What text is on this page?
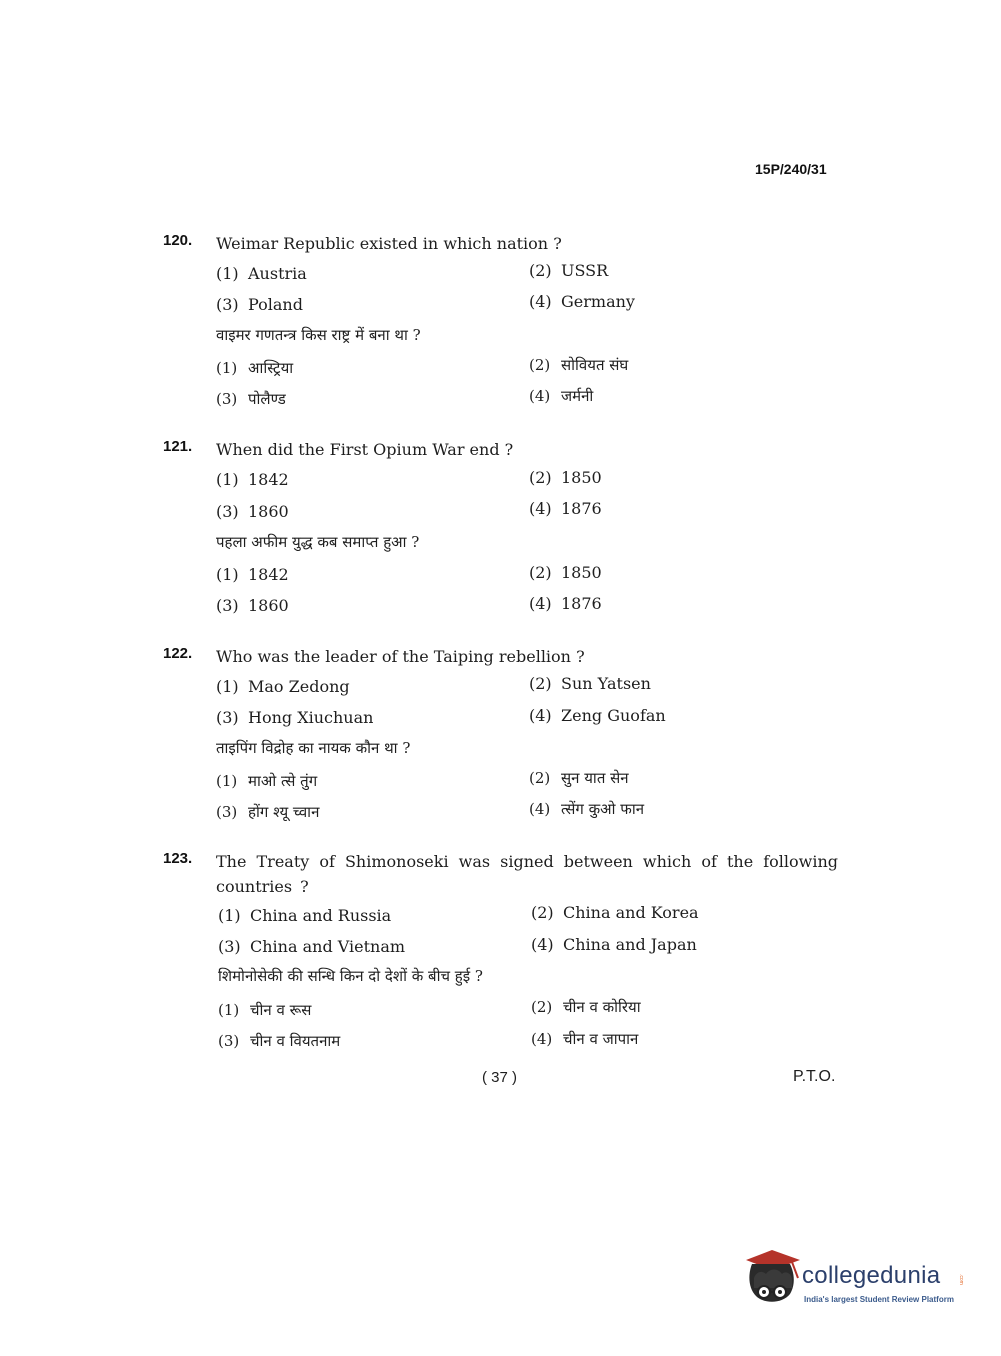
15P/240/31
120. Weimar Republic existed in which nation ?
(1) Austria	(2) USSR
(3) Poland	(4) Germany
वाइमर गणतन्त्र किस राष्ट्र में बना था ?
(1) आस्ट्रिया	(2) सोवियत संघ
(3) पोलैण्ड	(4) जर्मनी
121. When did the First Opium War end ?
(1) 1842	(2) 1850
(3) 1860	(4) 1876
पहला अफीम युद्ध कब समाप्त हुआ ?
(1) 1842	(2) 1850
(3) 1860	(4) 1876
122. Who was the leader of the Taiping rebellion ?
(1) Mao Zedong	(2) Sun Yatsen
(3) Hong Xiuchuan	(4) Zeng Guofan
ताइपिंग विद्रोह का नायक कौन था ?
(1) माओ त्से तुंग	(2) सुन यात सेन
(3) होंग श्यू च्वान	(4) त्सेंग कुओ फान
123. The Treaty of Shimonoseki was signed between which of the following countries ?
(1) China and Russia	(2) China and Korea
(3) China and Vietnam	(4) China and Japan
शिमोनोसेकी की सन्धि किन दो देशों के बीच हुई ?
(1) चीन व रूस	(2) चीन व कोरिया
(3) चीन व वियतनाम	(4) चीन व जापान
( 37 )	P.T.O.
collegedunia	.com
India's largest Student Review Platform
